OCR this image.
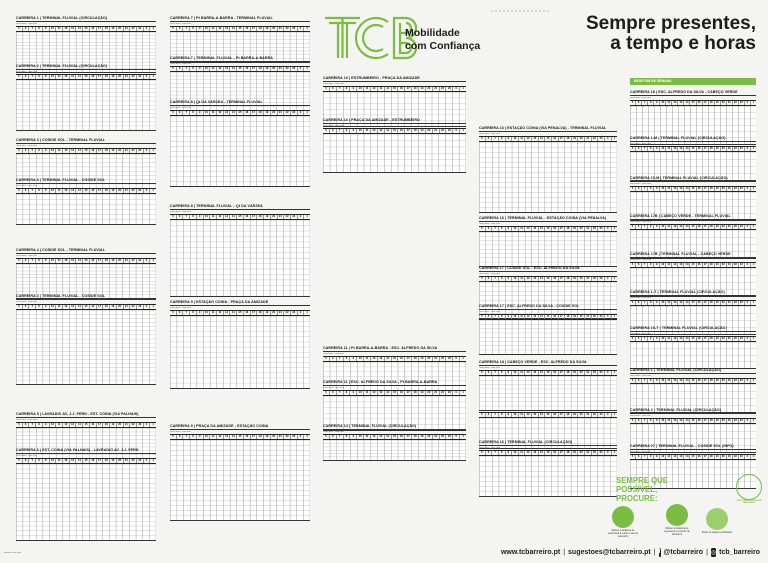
Mobilidade
com Confiança
Sempre presentes,
a tempo e horas
REDE FIM DE SEMANA
CARREIRA 1 | TERMINAL FLUVIAL (CIRCULAÇÃO)
Linha diária · Dias úteis
5	6	7	8	9	10	11	12	13	14	15	16	17	18	19	20	21	22	23	0	1
CARREIRA 2 | TERMINAL FLUVIAL (CIRCULAÇÃO)
Linha diária · Dias úteis
5	6	7	8	9	10	11	12	13	14	15	16	17	18	19	20	21	22	23	0	1
CARREIRA 3 | COSIDE SOL - TERMINAL FLUVIAL
Linha diária · Dias úteis
5	6	7	8	9	10	11	12	13	14	15	16	17	18	19	20	21	22	23	0	1
CARREIRA 3 | TERMINAL FLUVIAL - COSIDE SOL
Linha diária · Dias úteis
5	6	7	8	9	10	11	12	13	14	15	16	17	18	19	20	21	22	23	0	1
CARREIRA 4 | COSIDE SOL - TERMINAL FLUVIAL
Linha diária · Dias úteis
5	6	7	8	9	10	11	12	13	14	15	16	17	18	19	20	21	22	23	0	1
CARREIRA 4 | TERMINAL FLUVIAL - COSIDE SOL
Linha diária · Dias úteis
5	6	7	8	9	10	11	12	13	14	15	16	17	18	19	20	21	22	23	0	1
CARREIRA 5 | LAVRADIO AV. J.J. FERN - EST. COINA (VIA PALHAIS)
Linha diária · Dias úteis
5	6	7	8	9	10	11	12	13	14	15	16	17	18	19	20	21	22	23	0	1
CARREIRA 6 | EST. COINA (VIA PALHAIS) - LAVRADIO AV. J.J. FERN
Linha diária · Dias úteis
5	6	7	8	9	10	11	12	13	14	15	16	17	18	19	20	21	22	23	0	1
CARREIRA 7 | Pt BARRA-A-BARRA - TERMINAL FLUVIAL
Linha diária · Dias úteis
5	6	7	8	9	10	11	12	13	14	15	16	17	18	19	20	21	22	23	0	1
CARREIRA 7 | TERMINAL FLUVIAL - Pt BARRA-A-BARRA
Linha diária · Dias úteis
5	6	7	8	9	10	11	12	13	14	15	16	17	18	19	20	21	22	23	0	1
CARREIRA 8 | Qt DA VÁRZEA - TERMINAL FLUVIAL
Linha diária · Dias úteis
5	6	7	8	9	10	11	12	13	14	15	16	17	18	19	20	21	22	23	0	1
CARREIRA 8 | TERMINAL FLUVIAL - Qt DA VÁRZEA
Linha diária · Dias úteis
5	6	7	8	9	10	11	12	13	14	15	16	17	18	19	20	21	22	23	0	1
CARREIRA 9 | ESTAÇÃO COINA - PRAÇA DA AMIZADE
Linha diária · Dias úteis
5	6	7	8	9	10	11	12	13	14	15	16	17	18	19	20	21	22	23	0	1
CARREIRA 9 | PRAÇA DA AMIZADE - ESTAÇÃO COINA
Linha diária · Dias úteis
5	6	7	8	9	10	11	12	13	14	15	16	17	18	19	20	21	22	23	0	1
CARREIRA 10 | ESTRUMBEIRO - PRAÇA DA AMIZADE
Linha diária · Dias úteis
5	6	7	8	9	10	11	12	13	14	15	16	17	18	19	20	21	22	23	0	1
CARREIRA 10 | PRAÇA DA AMIZADE - ESTRUMBEIRO
Linha diária · Dias úteis
5	6	7	8	9	10	11	12	13	14	15	16	17	18	19	20	21	22	23	0	1
CARREIRA 11 | Pt BARRA-A-BARRA - ESC. ALFREDO DA SILVA
Linha diária · Dias úteis
5	6	7	8	9	10	11	12	13	14	15	16	17	18	19	20	21	22	23	0	1
CARREIRA 11 | ESC. ALFREDO DA SILVA - Pt BARRA-A-BARRA
Linha diária · Dias úteis
5	6	7	8	9	10	11	12	13	14	15	16	17	18	19	20	21	22	23	0	1
CARREIRA 14 | TERMINAL FLUVIAL (CIRCULAÇÃO)
Linha diária · Dias úteis
5	6	7	8	9	10	11	12	13	14	15	16	17	18	19	20	21	22	23	0	1
5	6	7	8	9	10	11	12	13	14	15	16	17	18	19	20	21	22	23	0	1
CARREIRA 16 | TERMINAL FLUVIAL (CIRCULAÇÃO)
Linha diária · Dias úteis
5	6	7	8	9	10	11	12	13	14	15	16	17	18	19	20	21	22	23	0	1
CARREIRA 16 | ESTAÇÃO COINA (VIA PENALVA) - TERMINAL FLUVIAL
Linha diária · Dias úteis
5	6	7	8	9	10	11	12	13	14	15	16	17	18	19	20	21	22	23	0	1
CARREIRA 16 | TERMINAL FLUVIAL - ESTAÇÃO COINA (VIA PENALVA)
Linha diária · Dias úteis
5	6	7	8	9	10	11	12	13	14	15	16	17	18	19	20	21	22	23	0	1
CARREIRA 17 | COSIDE SOL - ESC. ALFREDO DA SILVA
Linha diária · Dias úteis
5	6	7	8	9	10	11	12	13	14	15	16	17	18	19	20	21	22	23	0	1
CARREIRA 17 | ESC. ALFREDO DA SILVA - COSIDE SOL
Linha diária · Dias úteis
5	6	7	8	9	10	11	12	13	14	15	16	17	18	19	20	21	22	23	0	1
CARREIRA 18 | CABEÇO VERDE - ESC. ALFREDO DA SILVA
Linha diária · Dias úteis
5	6	7	8	9	10	11	12	13	14	15	16	17	18	19	20	21	22	23	0	1
CARREIRA 18 | ESC. ALFREDO DA SILVA - CABEÇO VERDE
Linha diária · Dias úteis
5	6	7	8	9	10	11	12	13	14	15	16	17	18	19	20	21	22	23	0	1
CARREIRA 1-M | TERMINAL FLUVIAL (CIRCULAÇÃO)
Linha diária · Dias úteis
5	6	7	8	9	10	11	12	13	14	15	16	17	18	19	20	21	22	23	0	1
CARREIRA 15-M | TERMINAL FLUVIAL (CIRCULAÇÃO)
Linha diária · Dias úteis
5	6	7	8	9	10	11	12	13	14	15	16	17	18	19	20	21	22	23	0	1
CARREIRA 17B | CABEÇO VERDE - TERMINAL FLUVIAL
Linha diária · Dias úteis
5	6	7	8	9	10	11	12	13	14	15	16	17	18	19	20	21	22	23	0	1
CARREIRA 17B | TERMINAL FLUVIAL - CABEÇO VERDE
Linha diária · Dias úteis
5	6	7	8	9	10	11	12	13	14	15	16	17	18	19	20	21	22	23	0	1
CARREIRA 1-T | TERMINAL FLUVIAL (CIRCULAÇÃO)
Linha diária · Dias úteis
5	6	7	8	9	10	11	12	13	14	15	16	17	18	19	20	21	22	23	0	1
CARREIRA 15-T | TERMINAL FLUVIAL (CIRCULAÇÃO)
Linha diária · Dias úteis
5	6	7	8	9	10	11	12	13	14	15	16	17	18	19	20	21	22	23	0	1
CARREIRA 1 | TERMINAL FLUVIAL (CIRCULAÇÃO)
Linha diária · Dias úteis
5	6	7	8	9	10	11	12	13	14	15	16	17	18	19	20	21	22	23	0	1
CARREIRA 2 | TERMINAL FLUVIAL (CIRCULAÇÃO)
Linha diária · Dias úteis
5	6	7	8	9	10	11	12	13	14	15	16	17	18	19	20	21	22	23	0	1
CARREIRA 27 | TERMINAL FLUVIAL - COSIDE SOL (INFO)
Linha diária · Dias úteis
5	6	7	8	9	10	11	12	13	14	15	16	17	18	19	20	21	22	23	0	1
SEMPRE QUE POSSÍVEL,
PROCURE:	USO OBRIGATÓRIO DE MÁSCARA
Manter a distância de segurança a entrar e sair do autocarro
Manter a distância de segurança no interior do autocarro
Evitar os lugares sinalizados
www.tcbarreiro.pt | sugestoes@tcbarreiro.pt | f @tcbarreiro | ◎ tcb_barreiro
Horários em vigor
